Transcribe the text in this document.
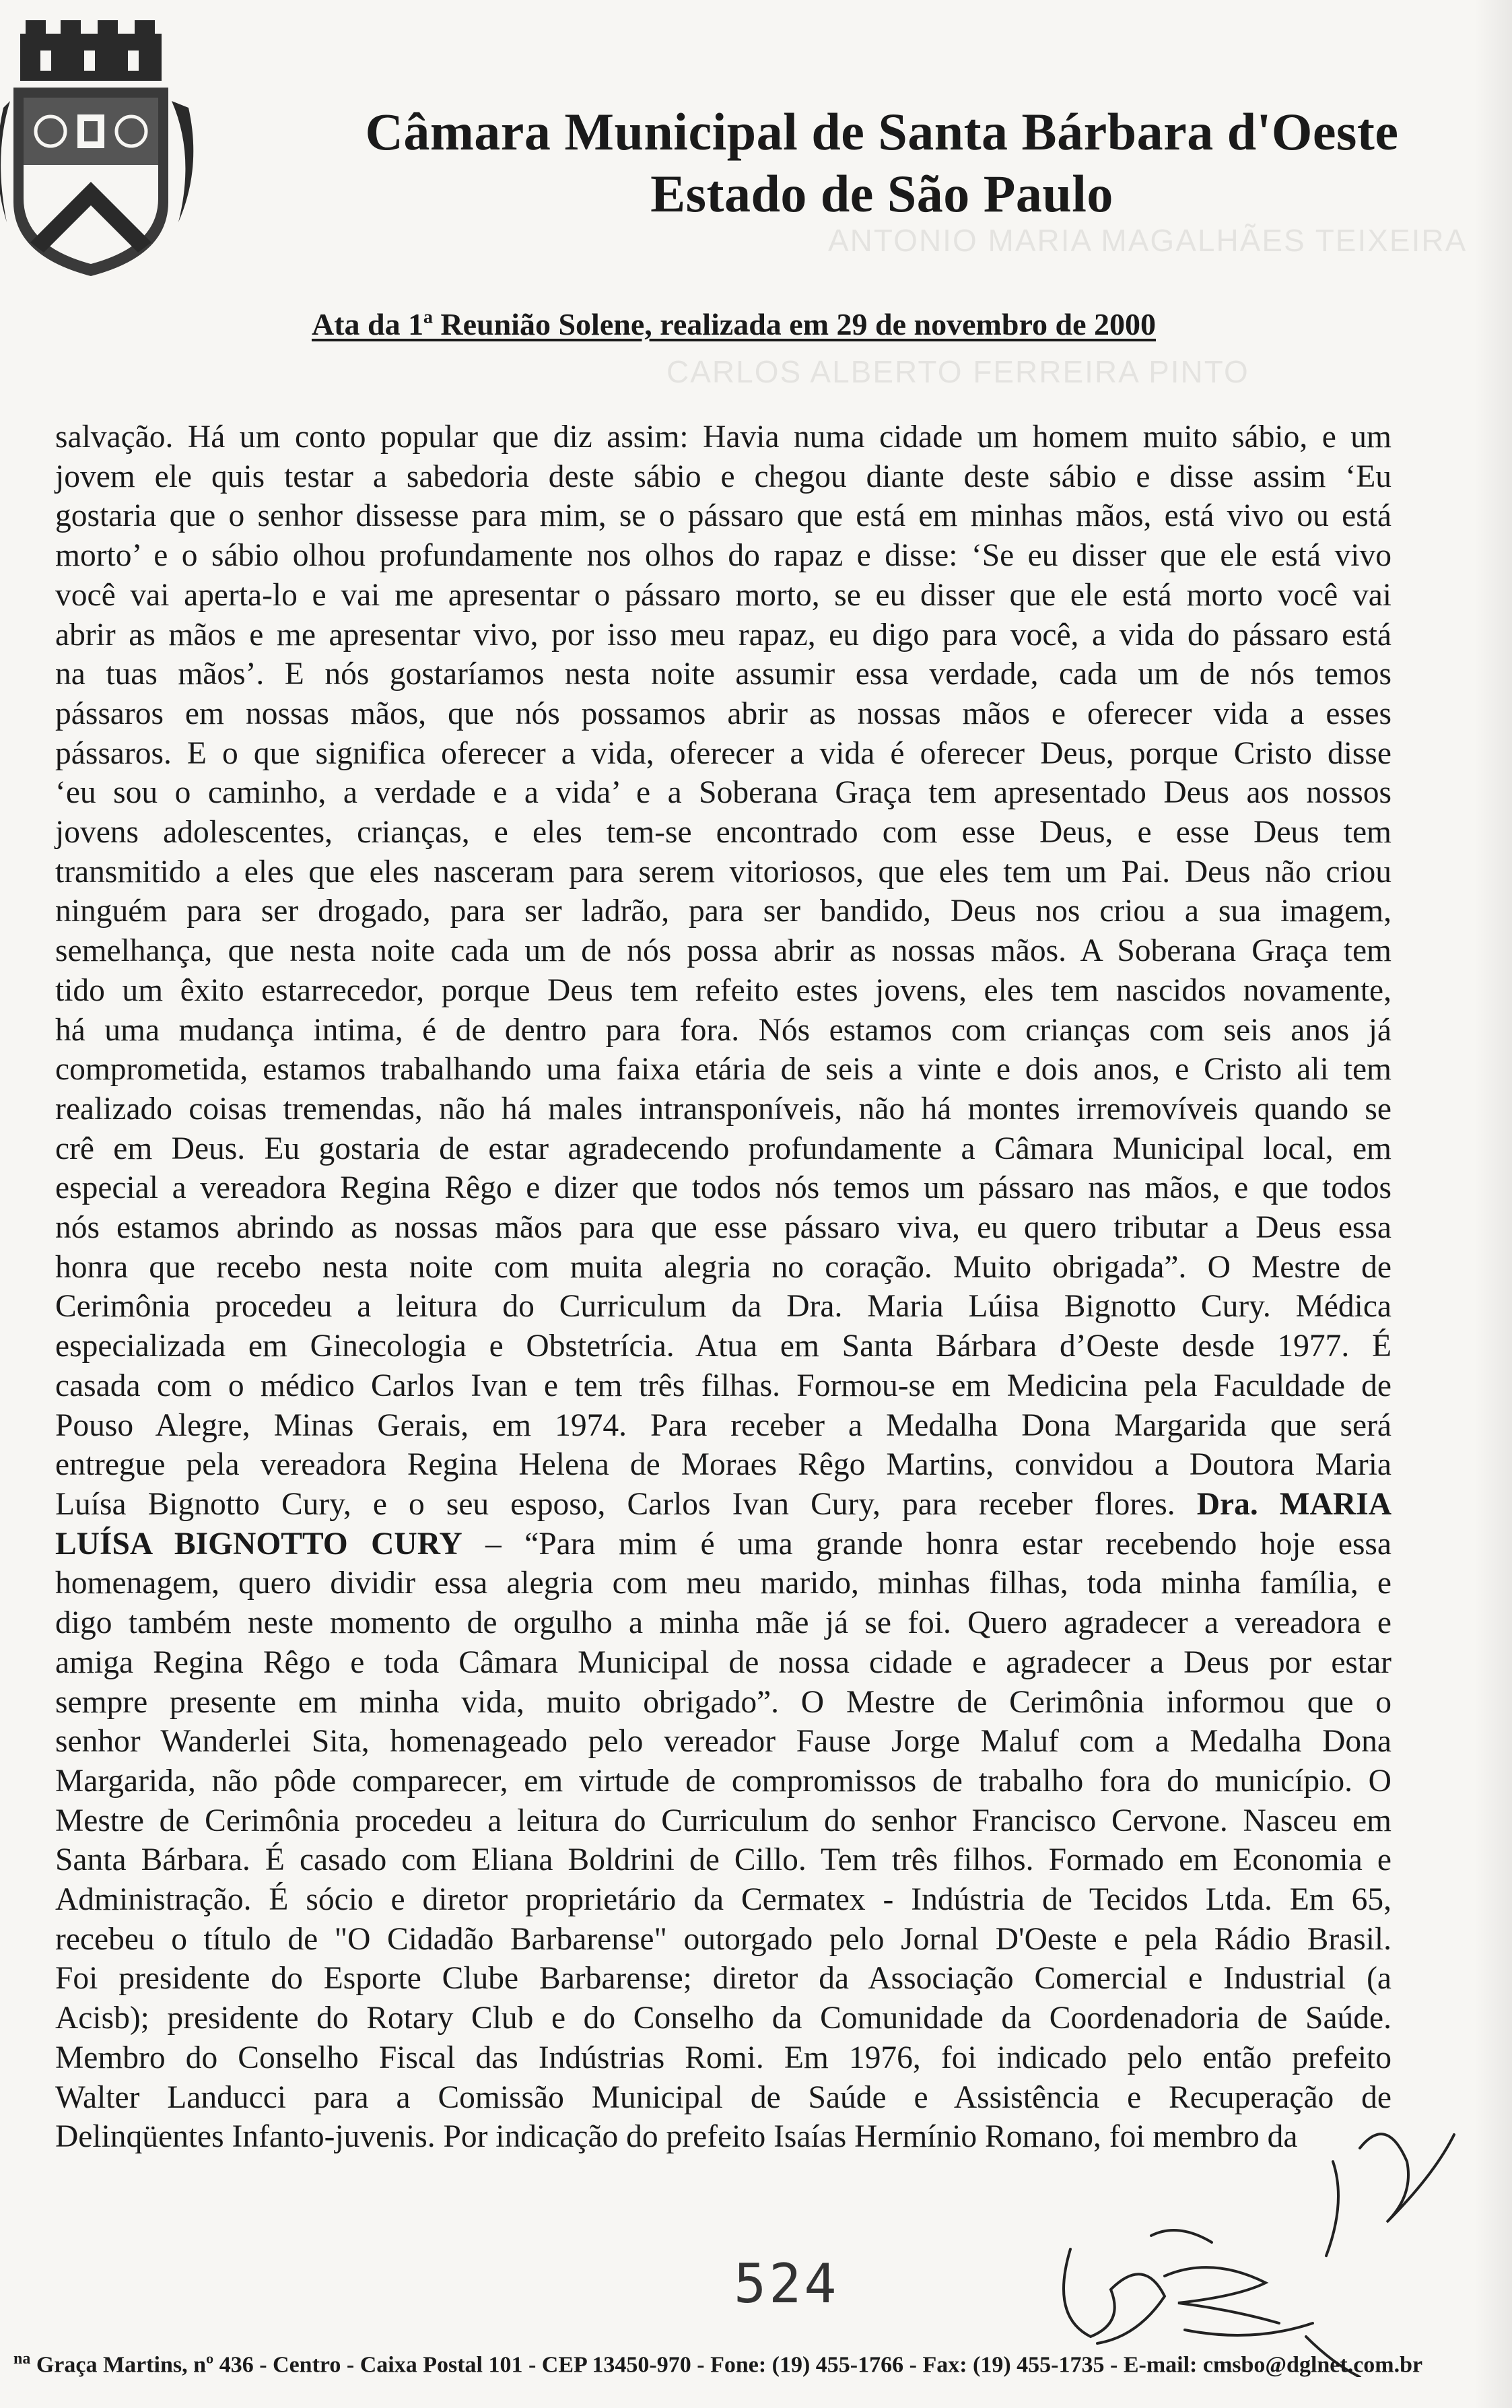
Câmara Municipal de Santa Bárbara d'Oeste
Estado de São Paulo
ANTONIO MARIA MAGALHÃES TEIXEIRA
CARLOS ALBERTO FERREIRA PINTO
Ata da 1ª Reunião Solene, realizada em 29 de novembro de 2000
salvação. Há um conto popular que diz assim: Havia numa cidade um homem muito sábio, e um
jovem ele quis testar a sabedoria deste sábio e chegou diante deste sábio e disse assim ‘Eu
gostaria que o senhor dissesse para mim, se o pássaro que está em minhas mãos, está vivo ou está
morto’ e o sábio olhou profundamente nos olhos do rapaz e disse: ‘Se eu disser que ele está vivo
você vai aperta-lo e vai me apresentar o pássaro morto, se eu disser que ele está morto você vai
abrir as mãos e me apresentar vivo, por isso meu rapaz, eu digo para você, a vida do pássaro está
na tuas mãos’. E nós gostaríamos nesta noite assumir essa verdade, cada um de nós temos
pássaros em nossas mãos, que nós possamos abrir as nossas mãos e oferecer vida a esses
pássaros. E o que significa oferecer a vida, oferecer a vida é oferecer Deus, porque Cristo disse
‘eu sou o caminho, a verdade e a vida’ e a Soberana Graça tem apresentado Deus aos nossos
jovens adolescentes, crianças, e eles tem-se encontrado com esse Deus, e esse Deus tem
transmitido a eles que eles nasceram para serem vitoriosos, que eles tem um Pai. Deus não criou
ninguém para ser drogado, para ser ladrão, para ser bandido, Deus nos criou a sua imagem,
semelhança, que nesta noite cada um de nós possa abrir as nossas mãos. A Soberana Graça tem
tido um êxito estarrecedor, porque Deus tem refeito estes jovens, eles tem nascidos novamente,
há uma mudança intima, é de dentro para fora. Nós estamos com crianças com seis anos já
comprometida, estamos trabalhando uma faixa etária de seis a vinte e dois anos, e Cristo ali tem
realizado coisas tremendas, não há males intransponíveis, não há montes irremovíveis quando se
crê em Deus. Eu gostaria de estar agradecendo profundamente a Câmara Municipal local, em
especial a vereadora Regina Rêgo e dizer que todos nós temos um pássaro nas mãos, e que todos
nós estamos abrindo as nossas mãos para que esse pássaro viva, eu quero tributar a Deus essa
honra que recebo nesta noite com muita alegria no coração. Muito obrigada”. O Mestre de
Cerimônia procedeu a leitura do Curriculum da Dra. Maria Lúisa Bignotto Cury. Médica
especializada em Ginecologia e Obstetrícia. Atua em Santa Bárbara d’Oeste desde 1977. É
casada com o médico Carlos Ivan e tem três filhas. Formou-se em Medicina pela Faculdade de
Pouso Alegre, Minas Gerais, em 1974. Para receber a Medalha Dona Margarida que será
entregue pela vereadora Regina Helena de Moraes Rêgo Martins, convidou a Doutora Maria
Luísa Bignotto Cury, e o seu esposo, Carlos Ivan Cury, para receber flores. Dra. MARIA
LUÍSA BIGNOTTO CURY – “Para mim é uma grande honra estar recebendo hoje essa
homenagem, quero dividir essa alegria com meu marido, minhas filhas, toda minha família, e
digo também neste momento de orgulho a minha mãe já se foi. Quero agradecer a vereadora e
amiga Regina Rêgo e toda Câmara Municipal de nossa cidade e agradecer a Deus por estar
sempre presente em minha vida, muito obrigado”. O Mestre de Cerimônia informou que o
senhor Wanderlei Sita, homenageado pelo vereador Fause Jorge Maluf com a Medalha Dona
Margarida, não pôde comparecer, em virtude de compromissos de trabalho fora do município. O
Mestre de Cerimônia procedeu a leitura do Curriculum do senhor Francisco Cervone. Nasceu em
Santa Bárbara. É casado com Eliana Boldrini de Cillo. Tem três filhos. Formado em Economia e
Administração. É sócio e diretor proprietário da Cermatex - Indústria de Tecidos Ltda. Em 65,
recebeu o título de "O Cidadão Barbarense" outorgado pelo Jornal D'Oeste e pela Rádio Brasil.
Foi presidente do Esporte Clube Barbarense; diretor da Associação Comercial e Industrial (a
Acisb); presidente do Rotary Club e do Conselho da Comunidade da Coordenadoria de Saúde.
Membro do Conselho Fiscal das Indústrias Romi. Em 1976, foi indicado pelo então prefeito
Walter Landucci para a Comissão Municipal de Saúde e Assistência e Recuperação de
Delinqüentes Infanto-juvenis. Por indicação do prefeito Isaías Hermínio Romano, foi membro da
524
$^{na}$ Graça Martins, nº 436 - Centro - Caixa Postal 101 - CEP 13450-970 - Fone: (19) 455-1766 - Fax: (19) 455-1735 - E-mail: cmsbo@dglnet.com.br
